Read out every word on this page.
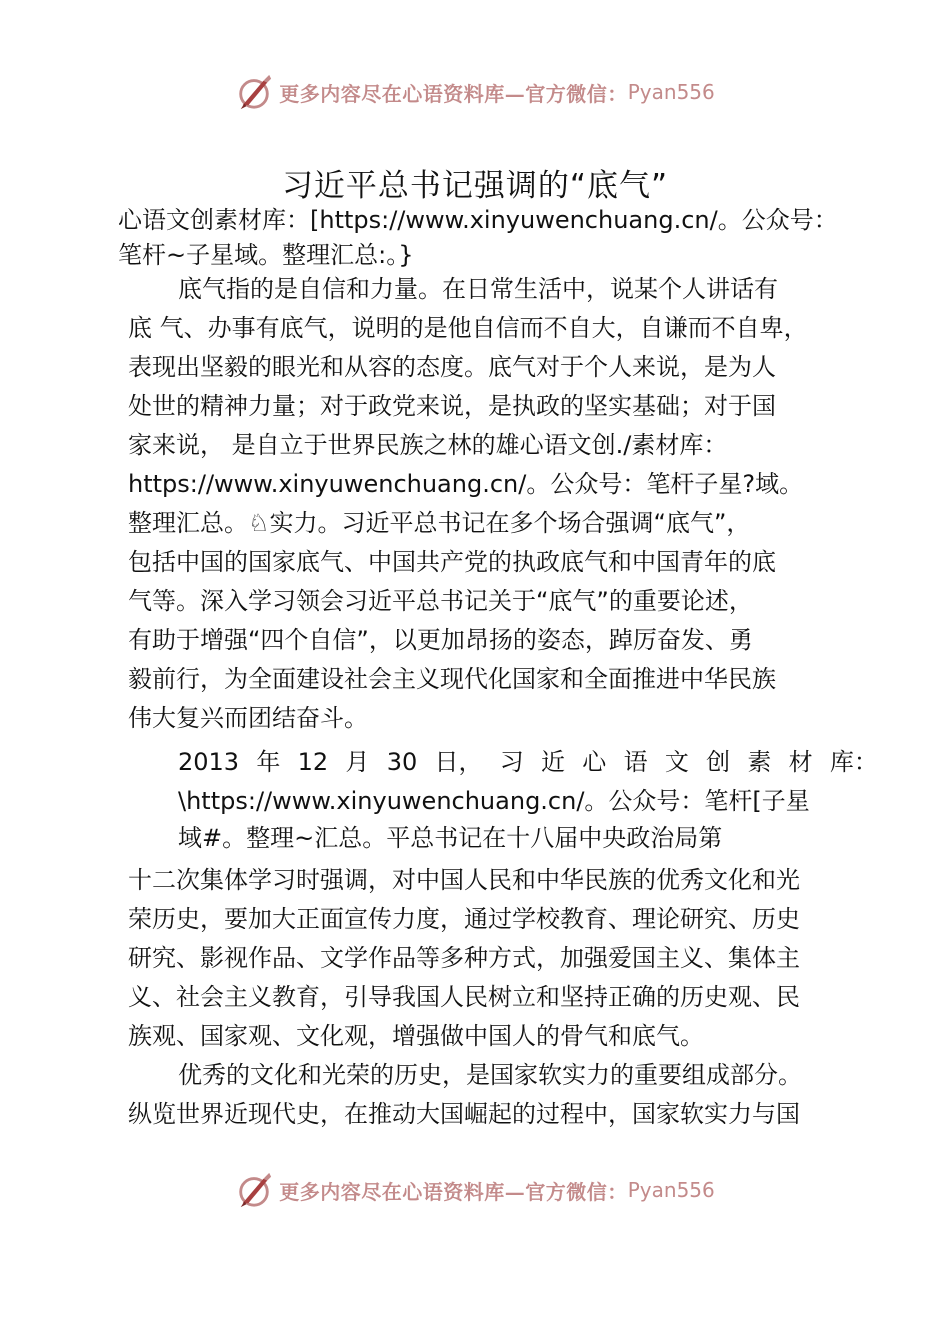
更多内容尽在心语资料库—官方微信： Pyan556
习近平总书记强调的“底气”
心语文创素材库：[https://www.xinyuwenchuang.cn/。公众号：
笔杆~子星域。整理汇总:。}
底气指的是自信和力量。在日常生活中，说某个人讲话有
底 气、办事有底气，说明的是他自信而不自大，自谦而不自卑，
表现出坚毅的眼光和从容的态度。底气对于个人来说，是为人
处世的精神力量；对于政党来说，是执政的坚实基础；对于国
家来说， 是自立于世界民族之林的雄心语文创./素材库：
https://www.xinyuwenchuang.cn/。公众号：笔杆子星?域。
整理汇总。♘实力。习近平总书记在多个场合强调“底气”，
包括中国的国家底气、中国共产党的执政底气和中国青年的底
气等。深入学习领会习近平总书记关于“底气”的重要论述，
有助于增强“四个自信”，以更加昂扬的姿态，踔厉奋发、勇
毅前行，为全面建设社会主义现代化国家和全面推进中华民族
伟大复兴而团结奋斗。
2013 年 12 月 30 日， 习 近 心 语 文 创 素 材 库：
\https://www.xinyuwenchuang.cn/。公众号：笔杆[子星
域#。整理~汇总。平总书记在十八届中央政治局第
十二次集体学习时强调，对中国人民和中华民族的优秀文化和光
荣历史，要加大正面宣传力度，通过学校教育、理论研究、历史
研究、影视作品、文学作品等多种方式，加强爱国主义、集体主
义、社会主义教育，引导我国人民树立和坚持正确的历史观、民
族观、国家观、文化观，增强做中国人的骨气和底气。
优秀的文化和光荣的历史，是国家软实力的重要组成部分。
纵览世界近现代史，在推动大国崛起的过程中，国家软实力与国
更多内容尽在心语资料库—官方微信： Pyan556
